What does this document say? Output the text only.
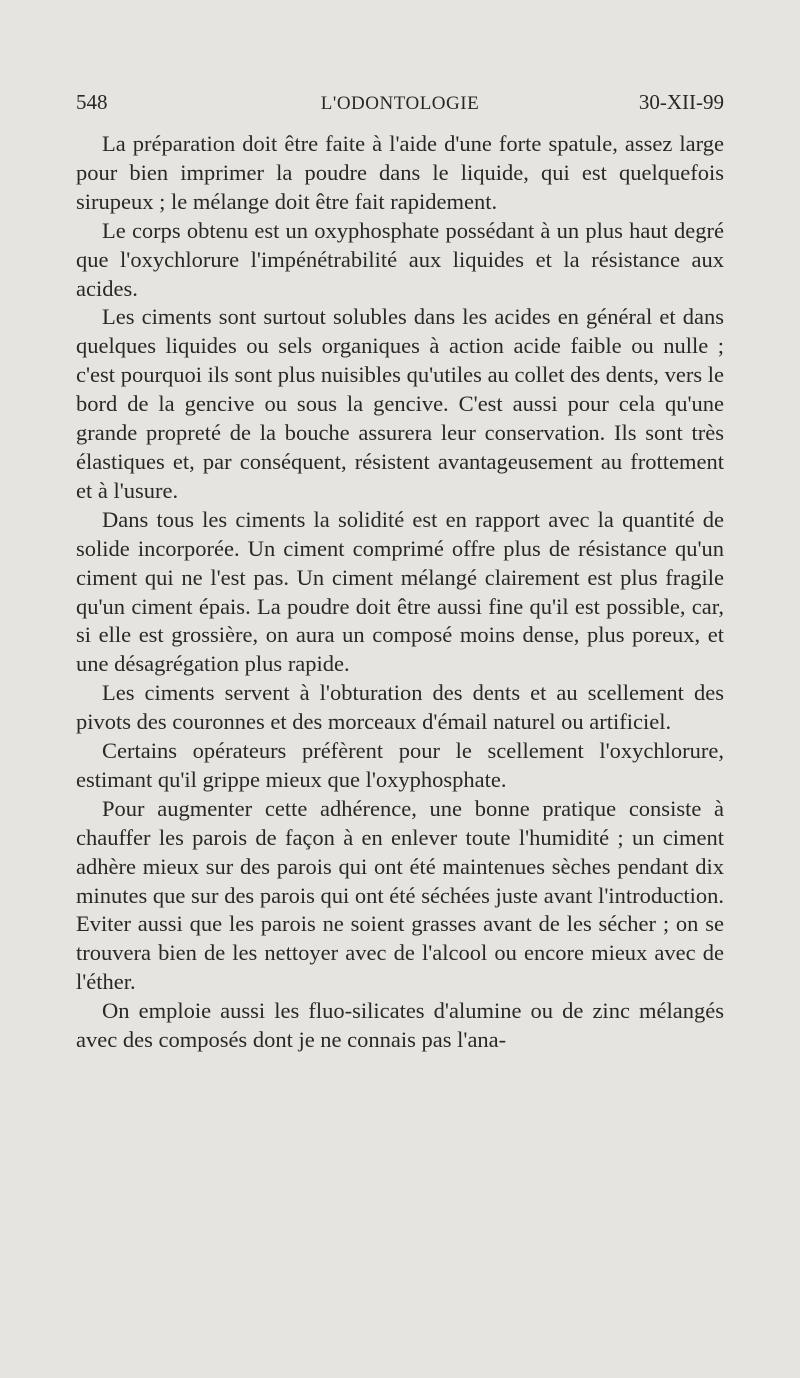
548	L'ODONTOLOGIE	30-XII-99

La préparation doit être faite à l'aide d'une forte spatule, assez large pour bien imprimer la poudre dans le liquide, qui est quelquefois sirupeux ; le mélange doit être fait rapidement.

Le corps obtenu est un oxyphosphate possédant à un plus haut degré que l'oxychlorure l'impénétrabilité aux liquides et la résistance aux acides.

Les ciments sont surtout solubles dans les acides en général et dans quelques liquides ou sels organiques à action acide faible ou nulle ; c'est pourquoi ils sont plus nuisibles qu'utiles au collet des dents, vers le bord de la gencive ou sous la gencive. C'est aussi pour cela qu'une grande propreté de la bouche assurera leur conservation. Ils sont très élastiques et, par conséquent, résistent avantageusement au frottement et à l'usure.

Dans tous les ciments la solidité est en rapport avec la quantité de solide incorporée. Un ciment comprimé offre plus de résistance qu'un ciment qui ne l'est pas. Un ciment mélangé clairement est plus fragile qu'un ciment épais. La poudre doit être aussi fine qu'il est possible, car, si elle est grossière, on aura un composé moins dense, plus poreux, et une désagrégation plus rapide.

Les ciments servent à l'obturation des dents et au scellement des pivots des couronnes et des morceaux d'émail naturel ou artificiel.

Certains opérateurs préfèrent pour le scellement l'oxychlorure, estimant qu'il grippe mieux que l'oxyphosphate.

Pour augmenter cette adhérence, une bonne pratique consiste à chauffer les parois de façon à en enlever toute l'humidité ; un ciment adhère mieux sur des parois qui ont été maintenues sèches pendant dix minutes que sur des parois qui ont été séchées juste avant l'introduction. Eviter aussi que les parois ne soient grasses avant de les sécher ; on se trouvera bien de les nettoyer avec de l'alcool ou encore mieux avec de l'éther.

On emploie aussi les fluo-silicates d'alumine ou de zinc mélangés avec des composés dont je ne connais pas l'ana-
